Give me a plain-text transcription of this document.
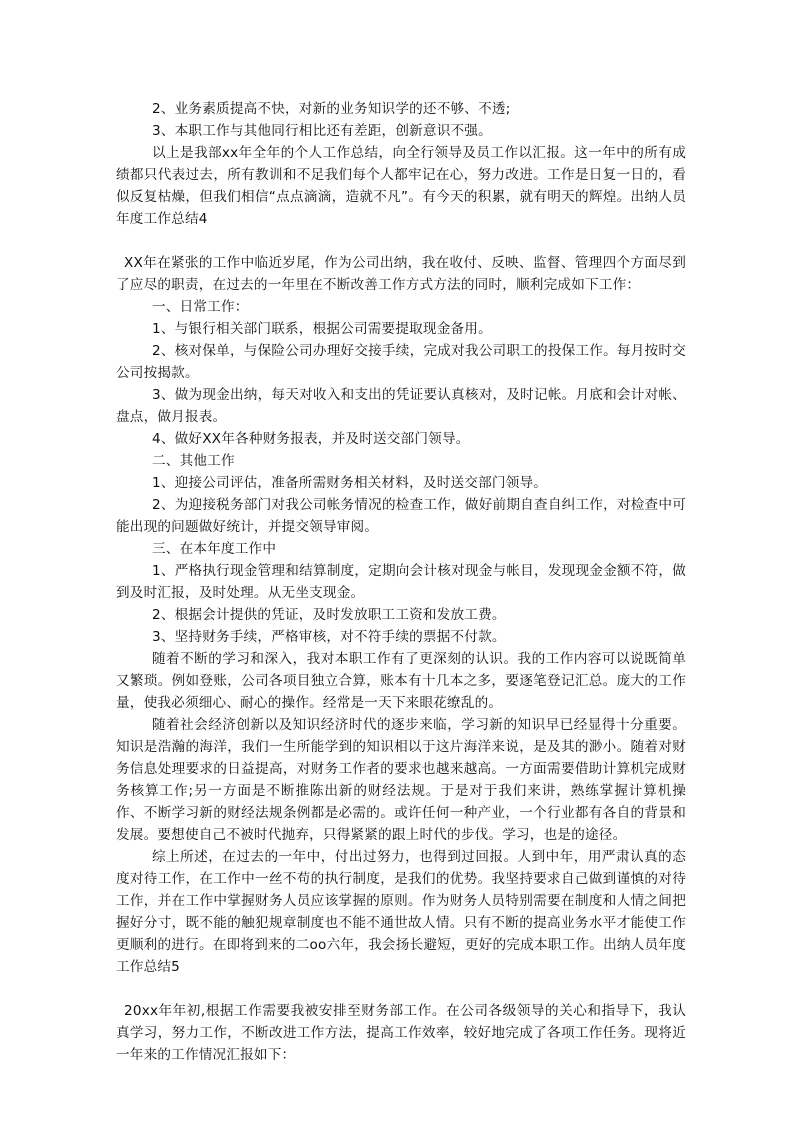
2、业务素质提高不快，对新的业务知识学的还不够、不透;

3、本职工作与其他同行相比还有差距，创新意识不强。

以上是我部xx年全年的个人工作总结，向全行领导及员工作以汇报。这一年中的所有成绩都只代表过去，所有教训和不足我们每个人都牢记在心，努力改进。工作是日复一日的，看似反复枯燥，但我们相信“点点滴滴，造就不凡”。有今天的积累，就有明天的辉煌。出纳人员年度工作总结4

XX年在紧张的工作中临近岁尾，作为公司出纳，我在收付、反映、监督、管理四个方面尽到了应尽的职责，在过去的一年里在不断改善工作方式方法的同时，顺利完成如下工作：

一、日常工作：

1、与银行相关部门联系，根据公司需要提取现金备用。

2、核对保单，与保险公司办理好交接手续，完成对我公司职工的投保工作。每月按时交公司按揭款。

3、做为现金出纳，每天对收入和支出的凭证要认真核对，及时记帐。月底和会计对帐、盘点，做月报表。

4、做好XX年各种财务报表，并及时送交部门领导。

二、其他工作

1、迎接公司评估，准备所需财务相关材料，及时送交部门领导。

2、为迎接税务部门对我公司帐务情况的检查工作，做好前期自查自纠工作，对检查中可能出现的问题做好统计，并提交领导审阅。

三、在本年度工作中

1、严格执行现金管理和结算制度，定期向会计核对现金与帐目，发现现金金额不符，做到及时汇报，及时处理。从无坐支现金。

2、根据会计提供的凭证，及时发放职工工资和发放工费。

3、坚持财务手续，严格审核，对不符手续的票据不付款。

随着不断的学习和深入，我对本职工作有了更深刻的认识。我的工作内容可以说既简单又繁琐。例如登账，公司各项目独立合算，账本有十几本之多，要逐笔登记汇总。庞大的工作量，使我必须细心、耐心的操作。经常是一天下来眼花缭乱的。

随着社会经济创新以及知识经济时代的逐步来临，学习新的知识早已经显得十分重要。知识是浩瀚的海洋，我们一生所能学到的知识相以于这片海洋来说，是及其的渺小。随着对财务信息处理要求的日益提高，对财务工作者的要求也越来越高。一方面需要借助计算机完成财务核算工作;另一方面是不断推陈出新的财经法规。于是对于我们来讲，熟练掌握计算机操作、不断学习新的财经法规条例都是必需的。或许任何一种产业，一个行业都有各自的背景和发展。要想使自己不被时代抛弃，只得紧紧的跟上时代的步伐。学习，也是的途径。

综上所述，在过去的一年中，付出过努力，也得到过回报。人到中年，用严肃认真的态度对待工作，在工作中一丝不苟的执行制度，是我们的优势。我坚持要求自己做到谨慎的对待工作，并在工作中掌握财务人员应该掌握的原则。作为财务人员特别需要在制度和人情之间把握好分寸，既不能的触犯规章制度也不能不通世故人情。只有不断的提高业务水平才能使工作更顺利的进行。在即将到来的二oo六年，我会扬长避短，更好的完成本职工作。出纳人员年度工作总结5

20xx年年初,根据工作需要我被安排至财务部工作。在公司各级领导的关心和指导下，我认真学习，努力工作，不断改进工作方法，提高工作效率，较好地完成了各项工作任务。现将近一年来的工作情况汇报如下：
